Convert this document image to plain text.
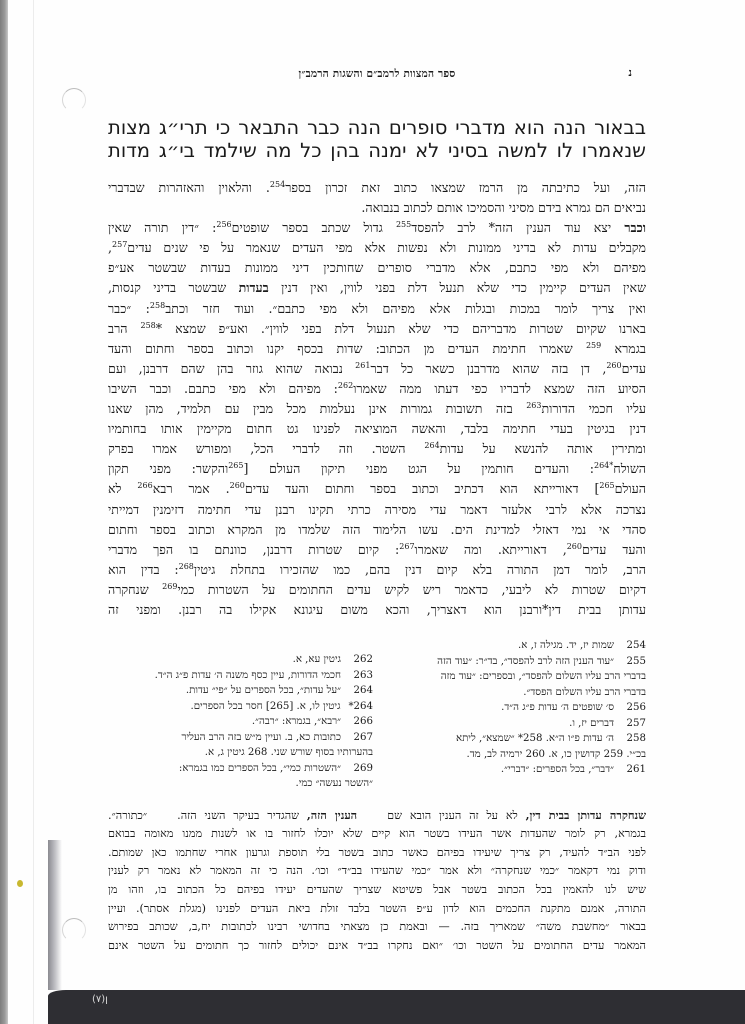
ן(۷)
נ
ספר המצוות לרמב״ם והשגות הרמב״ן
בבאור הנה הוא מדברי סופרים הנה כבר התבאר כי תרי״ג מצות
שנאמרו לו למשה בסיני לא ימנה בהן כל מה שילמד בי״ג מדות

הזה, ועל כתיבתה מן הרמז שמצאו כתוב זאת זכרון בספר$^{254}$. והלאוין והאזהרות שבדברי

נביאים הם גמרא בידם מסיני והסמיכו אותם לכתוב בנבואה.

וכבר יצא עוד הענין הזה* לרב להפסד$^{255}$ גדול שכתב בספר שופטים$^{256}$: ״דין תורה שאין

מקבלים עדות לא בדיני ממונות ולא נפשות אלא מפי העדים שנאמר על פי שנים עדים$^{257}$,

מפיהם ולא מפי כתבם, אלא מדברי סופרים שחותכין דיני ממונות בעדות שבשטר אע״פ

שאין העדים קיימין כדי שלא תנעל דלת בפני לווין, ואין דנין בעדות שבשטר בדיני קנסות,

ואין צריך לומר במכות ובגלות אלא מפיהם ולא מפי כתבם״. ועוד חזר וכתב$^{258}$: ״כבר

בארנו שקיום שטרות מדבריהם כדי שלא תנעול דלת בפני לווין״. ואע״פ שמצא *$^{258}$ הרב

בגמרא $^{259}$ שאמרו חתימת העדים מן הכתוב: שדות בכסף יקנו וכתוב בספר וחתום והעד

עדים$^{260}$, דן בזה שהוא מדרבנן כשאר כל דבר$^{261}$ נבואה שהוא גוזר בהן שהם דרבנן, ועם

הסיוע הזה שמצא לדבריו כפי דעתו ממה שאמרו$^{262}$: מפיהם ולא מפי כתבם. וכבר השיבו

עליו חכמי הדורות$^{263}$ בזה תשובות גמורות אינן נעלמות מכל מבין עם תלמיד, מהן שאנו

דנין בגיטין בעדי חתימה בלבד, והאשה המוציאה לפנינו גט חתום מקיימין אותו בחותמיו

ומתירין אותה להנשא על עדות$^{264}$ השטר. וזה לדברי הכל, ומפורש אמרו בפרק

השולח$^{*264}$: והעדים חותמין על הגט מפני תיקון העולם [$^{265}$והקשר: מפני תקון

העולם$^{265}$] דאורייתא הוא דכתיב וכתוב בספר וחתום והעד עדים$^{260}$. אמר רבא$^{266}$ לא

נצרכה אלא לרבי אלעזר דאמר עדי מסירה כרתי תקינו רבנן עדי חתימה דזימנין דמייתי

סהדי אי נמי דאזלי למדינת הים. עשו הלימוד הזה שלמדו מן המקרא וכתוב בספר וחתום

והעד עדים$^{260}$, דאורייתא. ומה שאמרו$^{267}$: קיום שטרות דרבנן, כוונתם בו הפך מדברי

הרב, לומר דמן התורה בלא קיום דנין בהם, כמו שהזכירו בתחלת גיטין$^{268}$: בדין הוא

דקיום שטרות לא ליבעי, כדאמר ריש לקיש עדים החתומים על השטרות כמי$^{269}$ שנחקרה

עדותן בבית דין*ורבנן הוא דאצריך, והכא משום עיגונא אקילו בה רבנן. ומפני זה

254שמות יז, יד. מגילה ז, א.
255״עוד הענין הזה לרב להפסד״, בד״ר: ״עוד הזה
בדברי הרב עליו השלום להפסד״, ובספרים: ״עוד מזה
בדברי הרב עליו השלום הפסד״.
256ס׳ שופטים ה׳ עדות פ״ג ה״ד.
257דברים יז, ו.
258ה׳ עדות פ״ו ה״א. 258* ״שמצא״, ליתא
בכ״י. 259 קדושין כו, א. 260 ירמיה לב, מד.
261״דבר״, בכל הספרים: ״דברי״.
262גיטין עא, א.
263חכמי הדורות, עיין כסף משנה ה׳ עדות פ״ג ה״ד.
264״על עדות״, בכל הספרים על ״פי״ עדות.
264*גיטין לו, א. [265] חסר בכל הספרים.
266״רבא״, בגמרא: ״רבה״.
267כתובות כא, ב. ועיין מ״ש בזה הרב העליר
בהערותיו בסוף שורש שני. 268 גיטין ג, א.
269״השטרות כמי״, בכל הספרים כמו בגמרא:
״השטר נעשה״ כמי.

שנחקרה עדותן בבית דין, לא על זה הענין הובא שםהענין הזה, שהגדיר בעיקר השני הזה.״כתורה״.

בגמרא, רק לומר שהעדות אשר העידו בשטר הוא קיים שלא יוכלו לחזור בו או לשנות ממנו מאומה בבואם

לפני הב״ד להעיד, רק צריך שיעידו בפיהם כאשר כתוב בשטר בלי תוספת וגרעון אחרי שחתמו כאן שמותם.

ודוק נמי דקאמר ״כמי שנחקרה״ ולא אמר ״כמי שהעידו בב״ד״ וכו׳. הנה כי זה המאמר לא נאמר רק לענין

שיש לנו להאמין בכל הכתוב בשטר אבל פשיטא שצריך שהעדים יעידו בפיהם כל הכתוב בו, וזהו מן

התורה, אמנם מתקנת החכמים הוא לדון ע״פ השטר בלבד זולת ביאת העדים לפנינו (מגלת אסתר). ועיין

בבאור ״מחשבת משה״ שמאריך בזה. — ובאמת כן מצאתי בחדושי רבינו לכתובות יח,ב, שכותב בפירוש

המאמר עדים החתומים על השטר וכו׳ ״ואם נחקרו בב״ד אינם יכולים לחזור כך חתומים על השטר אינם
